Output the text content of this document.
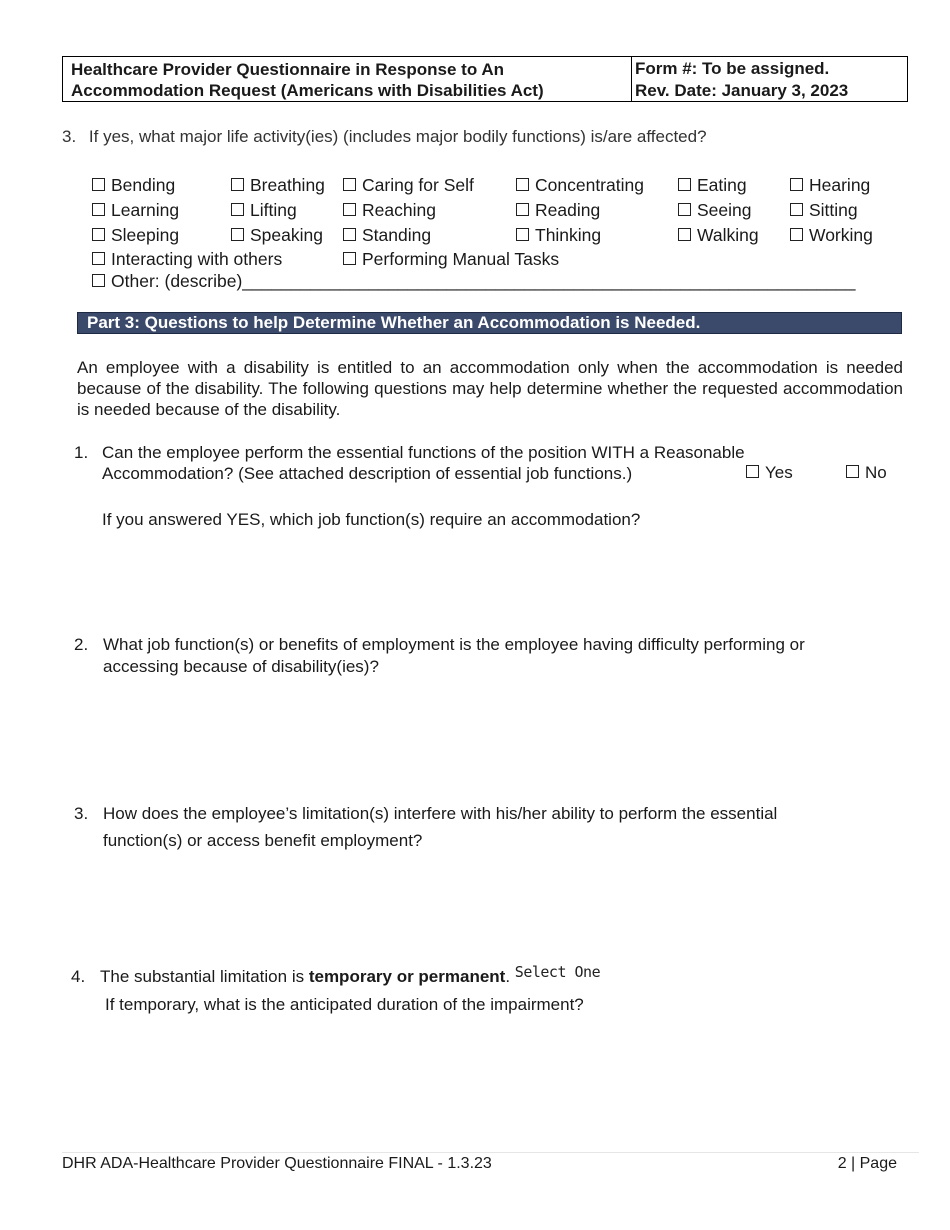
Healthcare Provider Questionnaire in Response to An
Accommodation Request (Americans with Disabilities Act)
Form #: To be assigned.
Rev. Date: January 3, 2023
3. If yes, what major life activity(ies) (includes major bodily functions) is/are affected?
Bending	Breathing	Caring for Self	Concentrating	Eating	Hearing
Learning	Lifting	Reaching	Reading	Seeing	Sitting
Sleeping	Speaking	Standing	Thinking	Walking	Working
Interacting with others	Performing Manual Tasks
Other: (describe)_______________________________________________________________
Part 3: Questions to help Determine Whether an Accommodation is Needed.
An employee with a disability is entitled to an accommodation only when the accommodation is needed because of the disability. The following questions may help determine whether the requested accommodation is needed because of the disability.
1. Can the employee perform the essential functions of the position WITH a Reasonable
Accommodation? (See attached description of essential job functions.)	Yes	No
If you answered YES, which job function(s) require an accommodation?
2. What job function(s) or benefits of employment is the employee having difficulty performing or
accessing because of disability(ies)?
3. How does the employee’s limitation(s) interfere with his/her ability to perform the essential
function(s) or access benefit employment?
4. The substantial limitation is temporary or permanent. Select One
If temporary, what is the anticipated duration of the impairment?
DHR ADA-Healthcare Provider Questionnaire FINAL - 1.3.23	2 | Page
